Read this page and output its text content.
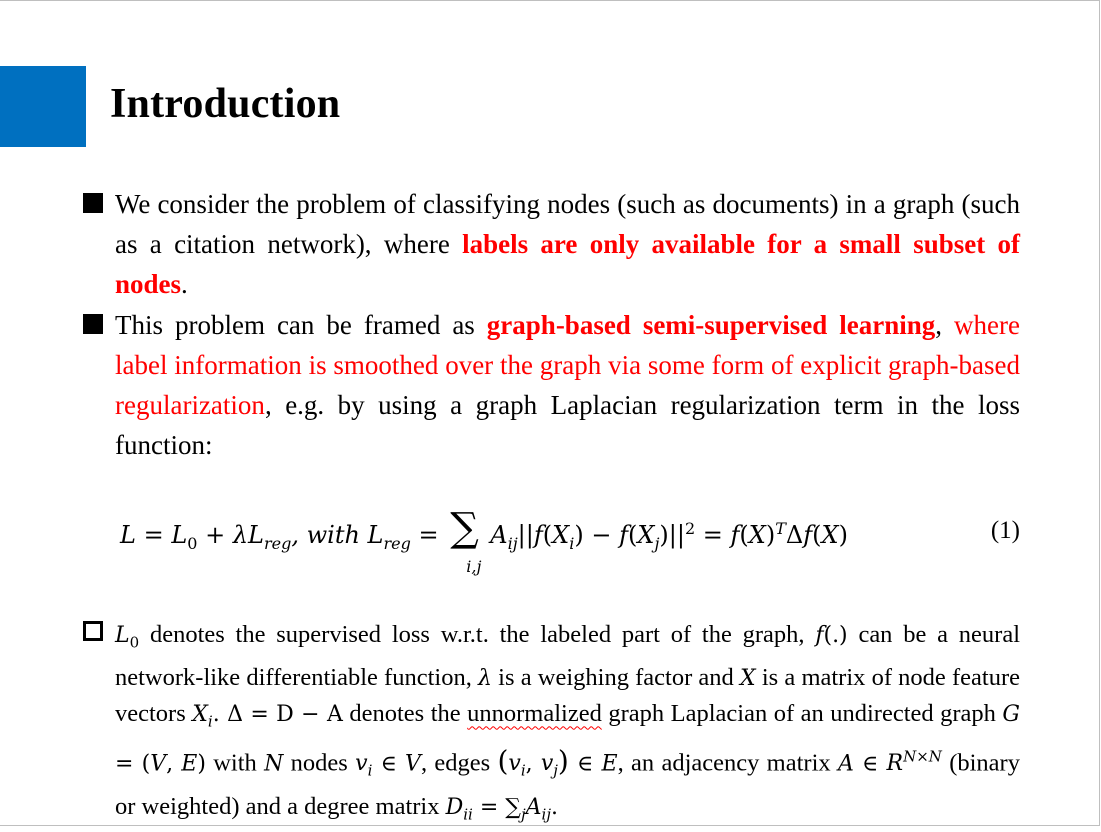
Introduction
We consider the problem of classifying nodes (such as documents) in a graph (such as a citation network), where labels are only available for a small subset of nodes.
This problem can be framed as graph-based semi-supervised learning, where label information is smoothed over the graph via some form of explicit graph-based regularization, e.g. by using a graph Laplacian regularization term in the loss function:
$L = L_0 + \lambda L_{reg}$, with $L_{reg}$ = ∑
i,j
$A_{ij}||f(X_i) - f(X_j)||^2 = f(X)^T\Delta f(X)$	(1)
$L_0$ denotes the supervised loss w.r.t. the labeled part of the graph, f(.) can be a neural network-like differentiable function, λ is a weighing factor and X is a matrix of node feature vectors $X_i$. Δ = D − A denotes the unnormalized graph Laplacian of an undirected graph G = (V, E) with N nodes $v_i$ ∈ V, edges ($v_i$, $v_j$) ∈ E, an adjacency matrix A ∈ $R^{N\times N}$ (binary or weighted) and a degree matrix $D_{ii} = \sum_jA_{ij}$.
